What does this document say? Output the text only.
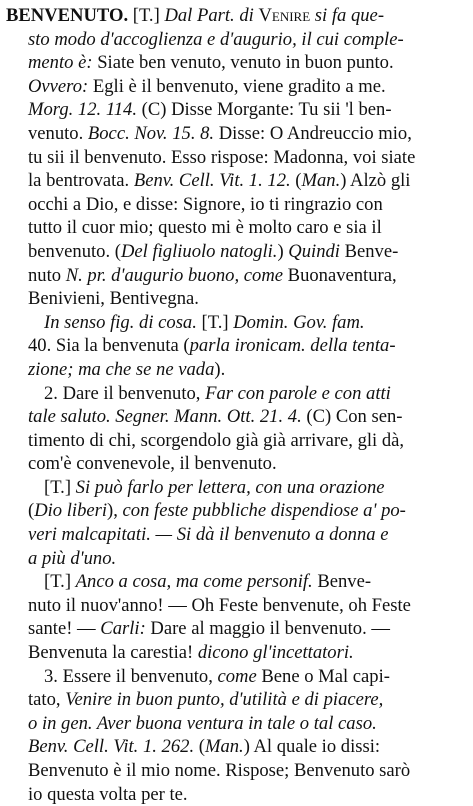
BENVENUTO. [T.] Dal Part. di Venire si fa que-
sto modo d'accoglienza e d'augurio, il cui comple-
mento è: Siate ben venuto, venuto in buon punto.
Ovvero: Egli è il benvenuto, viene gradito a me.
Morg. 12. 114. (C) Disse Morgante: Tu sii 'l ben-
venuto. Bocc. Nov. 15. 8. Disse: O Andreuccio mio,
tu sii il benvenuto. Esso rispose: Madonna, voi siate
la bentrovata. Benv. Cell. Vit. 1. 12. (Man.) Alzò gli
occhi a Dio, e disse: Signore, io ti ringrazio con
tutto il cuor mio; questo mi è molto caro e sia il
benvenuto. (Del figliuolo natogli.) Quindi Benve-
nuto N. pr. d'augurio buono, come Buonaventura,
Benivieni, Bentivegna.
In senso fig. di cosa. [T.] Domin. Gov. fam.
40. Sia la benvenuta (parla ironicam. della tenta-
zione; ma che se ne vada).
2. Dare il benvenuto, Far con parole e con atti
tale saluto. Segner. Mann. Ott. 21. 4. (C) Con sen-
timento di chi, scorgendolo già già arrivare, gli dà,
com'è convenevole, il benvenuto.
[T.] Si può farlo per lettera, con una orazione
(Dio liberi), con feste pubbliche dispendiose a' po-
veri malcapitati. — Si dà il benvenuto a donna e
a più d'uno.
[T.] Anco a cosa, ma come personif. Benve-
nuto il nuov'anno! — Oh Feste benvenute, oh Feste
sante! — Carli: Dare al maggio il benvenuto. —
Benvenuta la carestia! dicono gl'incettatori.
3. Essere il benvenuto, come Bene o Mal capi-
tato, Venire in buon punto, d'utilità e di piacere,
o in gen. Aver buona ventura in tale o tal caso.
Benv. Cell. Vit. 1. 262. (Man.) Al quale io dissi:
Benvenuto è il mio nome. Rispose; Benvenuto sarò
io questa volta per te.
